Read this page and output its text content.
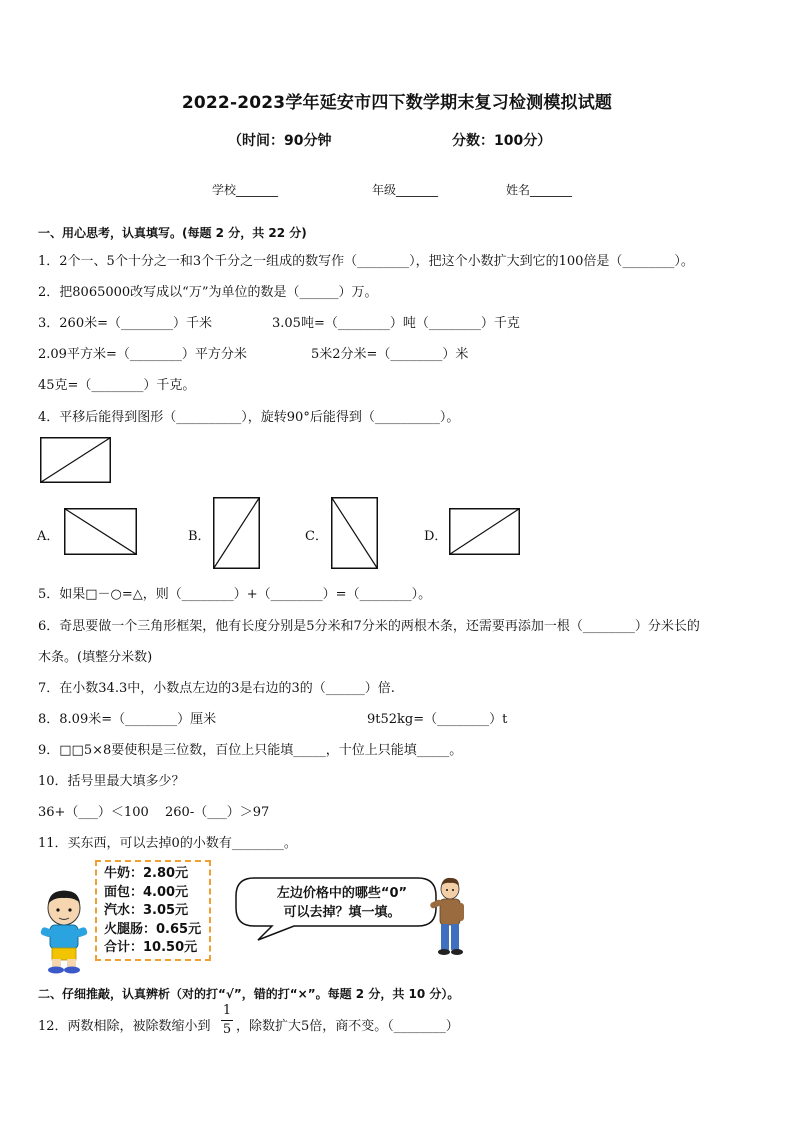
2022-2023学年延安市四下数学期末复习检测模拟试题
（时间：90分钟	分数：100分）
学校_______	年级_______	姓名_______
一、用心思考，认真填写。(每题 2 分，共 22 分)
1．2个一、5个十分之一和3个千分之一组成的数写作（________），把这个小数扩大到它的100倍是（________）。
2．把8065000改写成以“万”为单位的数是（______）万。
3．260米=（________）千米	3.05吨=（________）吨（________）千克
2.09平方米=（________）平方分米	5米2分米=（________）米
45克=（________）千克。
4．平移后能得到图形（__________），旋转90°后能得到（__________）。
A．	B．	C．	D．
5．如果□－○=△，则（________）+（________）=（________）。
6．奇思要做一个三角形框架，他有长度分别是5分米和7分米的两根木条，还需要再添加一根（________）分米长的
木条。(填整分米数)
7．在小数34.3中，小数点左边的3是右边的3的（______）倍.
8．8.09米=（________）厘米	9t52kg=（________）t
9．□□5×8要使积是三位数，百位上只能填_____，十位上只能填_____。
10．括号里最大填多少？
36+（___）＜100 260-（___）＞97
11．买东西，可以去掉0的小数有________。
牛奶：2.80元
面包：4.00元
汽水：3.05元
火腿肠：0.65元
合计：10.50元
左边价格中的哪些“0”
可以去掉？填一填。
二、仔细推敲，认真辨析（对的打“√”，错的打“×”。每题 2 分，共 10 分）。
12．两数相除，被除数缩小到
1
5 ，除数扩大5倍，商不变。（________）
